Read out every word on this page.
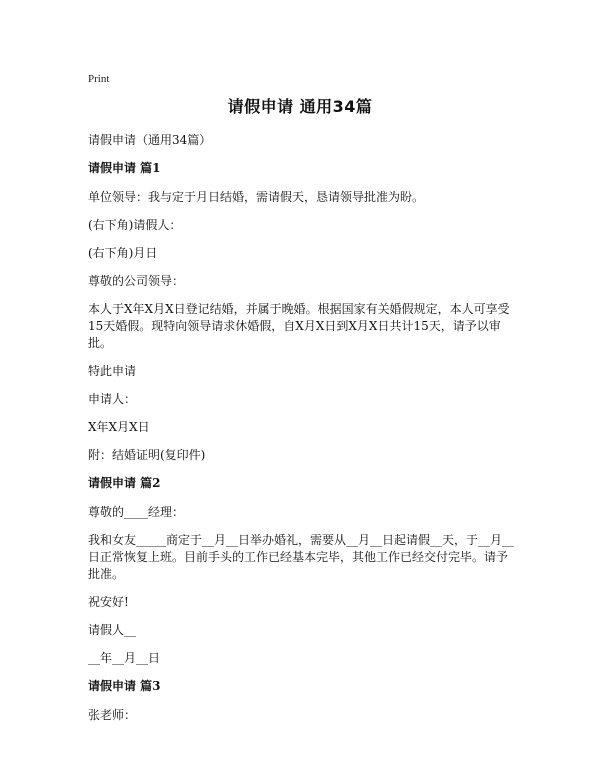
Print
请假申请 通用34篇

请假申请（通用34篇）

请假申请 篇1

单位领导：我与定于月日结婚，需请假天，恳请领导批准为盼。

(右下角)请假人：

(右下角)月日

尊敬的公司领导：

本人于X年X月X日登记结婚，并属于晚婚。根据国家有关婚假规定，本人可享受15天婚假。现特向领导请求休婚假，自X月X日到X月X日共计15天，请予以审批。

特此申请

申请人：

X年X月X日

附：结婚证明(复印件)

请假申请 篇2

尊敬的____经理：

我和女友_____商定于__月__日举办婚礼，需要从__月__日起请假__天，于__月__日正常恢复上班。目前手头的工作已经基本完毕，其他工作已经交付完毕。请予批准。

祝安好!

请假人__

__年__月__日

请假申请 篇3

张老师：
